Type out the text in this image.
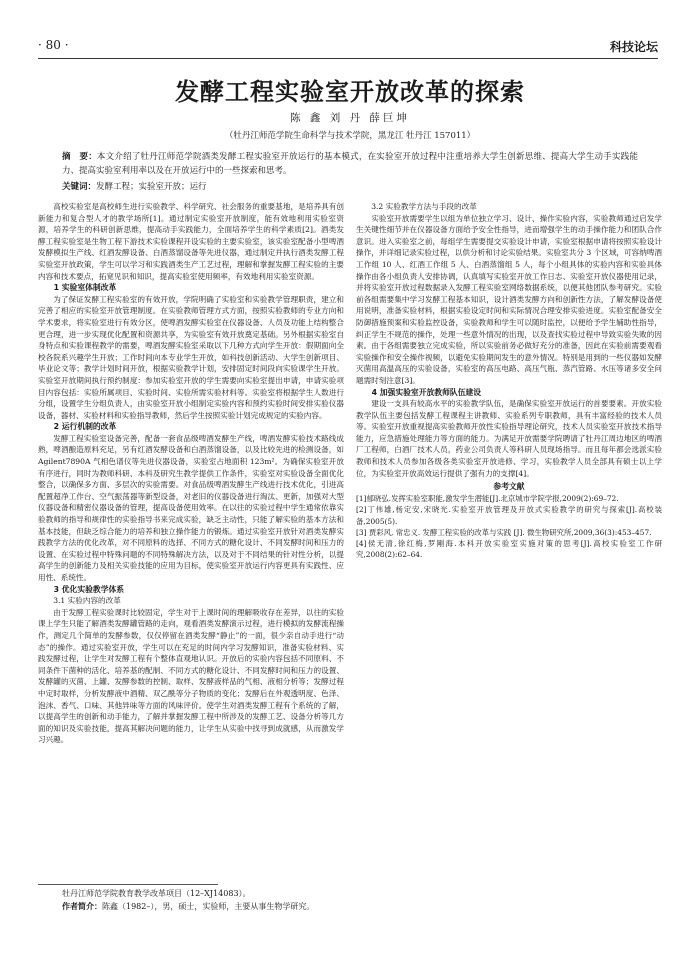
· 80 ·	科技论坛
发酵工程实验室开放改革的探索
陈 鑫 刘 丹 薛巨坤
（牡丹江师范学院生命科学与技术学院，黑龙江 牡丹江 157011）
摘　要：本文介绍了牡丹江师范学院酒类发酵工程实验室开放运行的基本模式，在实验室开放过程中注重培养大学生创新思维、提高大学生动手实践能力、提高实验室利用率以及在开放运行中的一些探索和思考。
关键词：发酵工程；实验室开放；运行

高校实验室是高校师生进行实验教学、科学研究、社会服务的重要基地，是培养具有创新能力和复合型人才的教学场所[1]。通过制定实验室开放制度，能有效地利用实验室资源，培养学生的科研创新思维，提高动手实践能力，全面培养学生的科学素质[2]。酒类发酵工程实验室是生物工程下游技术实验课程开设实验的主要实验室，该实验室配备小型啤酒发酵模拟生产线、红酒发酵设备、白酒蒸馏设备等先进仪器，通过制定并执行酒类发酵工程实验室开放政策，学生可以学习和实践酒类生产工艺过程，理解和掌握发酵工程实验的主要内容和技术要点，拓宽见识和知识，提高实验室使用频率，有效地利用实验室资源。

1 实验室体制改革

为了保证发酵工程实验室的有效开放，学院明确了实验室和实验教学管理职责，建立和完善了相应的实验室开放管理制度。在实验教师管理方式方面，按照实验教师的专业方向和学术要求，将实验室进行有效分区，使啤酒发酵实验室在仪器设备、人员及功能上结构整合更合理，进一步实现优化配置和资源共享，为实验室有效开放奠定基础。另外根据实验室自身特点和实验课程教学的需要，啤酒发酵实验室采取以下几种方式向学生开放：假期面向全校各院系兴趣学生开放；工作时间向本专业学生开放，如科技创新活动、大学生创新项目、毕业论文等；教学计划时间开放，根据实验教学计划，安排固定时间段向实验课学生开放。实验室开放期间执行预约制度：参加实验室开放的学生需要向实验室提出申请，申请实验项目内容包括：实验所属项目、实验时间、实验所需实验材料等。实验室将根据学生人数进行分组，设置学生分组负责人，由实验室开放小组制定实验内容和预约实验时间安排实验仪器设备，器材、实验材料和实验指导教师，然后学生按照实验计划完成规定的实验内容。

2 运行机制的改革

发酵工程实验室设备完善，配备一套食品级啤酒发酵生产线，啤酒发酵实验技术路线成熟，啤酒酿造原料充足，另有红酒发酵设备和白酒蒸馏设备，以及比较先进的检测设备，如 Agilent7890A 气相色谱仪等先进仪器设备，实验室占地面积 123m²。为确保实验室开放有序进行，同时为教师科研、本科及研究生教学提供工作条件，实验室对实验设备全面优化整合，以确保多方面、多层次的实验需要。对食品级啤酒发酵生产线进行技术优化，引进高配置超净工作台、空气振荡器等新型设备，对老旧的仪器设备进行淘汰、更新，加强对大型仪器设备和精密仪器设备的管理，提高设备使用效率。在以往的实验过程中学生通常依靠实验教师的指导和规律性的实验指导书来完成实验，缺乏主动性，只能了解实验的基本方法和基本技能，但缺乏综合能力的培养和独立操作能力的锻炼。通过实验室开放针对酒类发酵实践教学方法的优化改革，对不同原料的选择、不同方式的糖化设计、不同发酵时间和压力的设置、在实验过程中特殊问题的不同特殊解决方法，以及对于不同结果的针对性分析，以提高学生的创新能力及相关实验技能的应用为目标，使实验室开放运行内容更具有实践性、应用性、系统性。

3 优化实验教学体系
3.1 实验内容的改革

由于发酵工程实验课时比较固定，学生对于上课时间的理解吸收存在差异，以往的实验课上学生只能了解酒类发酵罐管路的走向，观看酒类发酵演示过程，进行模拟的发酵流程操作，测定几个简单的发酵参数，仅仅停留在酒类发酵“静止”的一面，很少亲自动手进行“动态”的操作。通过实验室开放，学生可以在充足的时间内学习发酵知识，准备实验材料、实践发酵过程，让学生对发酵工程有个整体直观地认识。开放后的实验内容包括不同原料、不同条件下菌种的活化、培养基的配制、不同方式的糖化设计、不同发酵时间和压力的设置、发酵罐的灭菌、上罐、发酵参数的控制、取样、发酵液样品的气相、液相分析等；发酵过程中定时取样，分析发酵液中酒精、双乙酰等分子物质的变化；发酵后在外观透明度、色泽、泡沫、香气、口味、其他异味等方面的风味评价。使学生对酒类发酵工程有个系统的了解，以提高学生的创新和动手能力，了解并掌握发酵工程中所涉及的发酵工艺、设备分析等几方面的知识及实验技能，提高其解决问题的能力，让学生从实验中找寻到成就感，从而激发学习兴趣。

3.2 实验教学方法与手段的改革

实验室开放需要学生以组为单位独立学习、设计、操作实验内容，实验教师通过启发学生关键性细节并在仪器设备方面给予安全性指导，进而增强学生的动手操作能力和团队合作意识。进入实验室之前，每组学生需要提交实验设计申请，实验室根据申请将按照实验设计操作，并详细记录实验过程，以供分析和讨论实验结果。实验室共分 3 个区域，可容纳啤酒工作组 10 人、红酒工作组 5 人、白酒蒸馏组 5 人，每个小组具体的实验内容和实验具体操作由各小组负责人安排协调，认真填写实验室开放工作日志、实验室开放仪器使用记录，并将实验室开放过程数据录入发酵工程实验室网络数据系统，以便其他团队参考研究。实验前各组需要集中学习发酵工程基本知识，设计酒类发酵方向和创新性方法，了解发酵设备使用说明，准备实验材料，根据实验设定时间和实际情况合理安排实验进度。实验室配备安全防御措施预案和实验监控设备，实验教师和学生可以随时监控，以便给予学生辅助性指导，纠正学生不规范的操作，处理一些意外情况的出现，以及查找实验过程中导致实验失败的因素。由于各组需要独立完成实验，所以实验前务必做好充分的准备，因此在实验前需要观看实验操作和安全操作视频，以避免实验期间发生的意外情况。特别是用到的一些仪器如发酵灭菌用高温高压的实验设备，实验室的高压电路、高压气瓶、蒸汽管路、水压等诸多安全问题需时刻注意[3]。

4 加强实验室开放教师队伍建设

建设一支具有较高水平的实验教学队伍，是确保实验室开放运行的首要要素。开放实验教学队伍主要包括发酵工程课程主讲教师、实验系列专职教师，具有丰富经验的技术人员等。实验室开放重视提高实验教师开放性实验指导理论研究，技术人员实验室开放技术指导能力，应急措施处理能力等方面的能力。为满足开放需要学院聘请了牡丹江周边地区的啤酒厂工程师，白酒厂技术人员，药业公司负责人等科研人员现场指导。而且每年都会选派实验教师和技术人员参加各级各类实验室开放进修、学习，实验教学人员全部具有硕士以上学位，为实验室开放高效运行提供了强有力的支撑[4]。

参考文献

[1]郁晓弘.发挥实验室职能,激发学生潜能[J].北京城市学院学报,2009(2):69–72.

[2]丁伟雄,杨定安,宋晓光.实验室开放管理及开放式实验教学的研究与探索[J].高校装备,2005(5).

[3] 贾彩风, 常忠义. 发酵工程实验的改革与实践 [J]. 微生物研究所,2009,36(3):453–457.

[4]侯无清,徐红梅,罗剛海.本科开放实验室实施对策的思考[J].高校实验室工作研究,2008(2):62–64.

牡丹江师范学院教育教学改革项目（12–XJ14083）。
作者简介：陈鑫（1982–），男，硕士，实验师，主要从事生物学研究。
